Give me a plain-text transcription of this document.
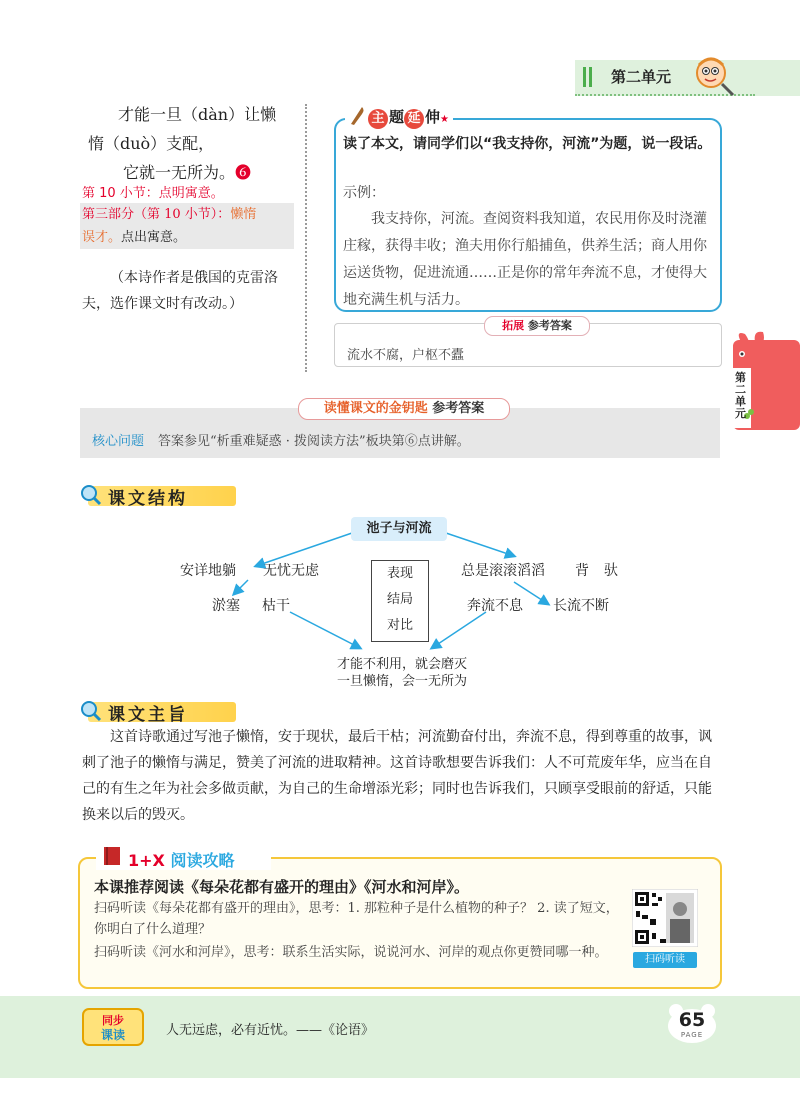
第二单元
才能一旦（dàn）让懒
惰（duò）支配，
它就一无所为。❻
第 10 小节：点明寓意。
第三部分（第 10 小节）：懒惰
误才。点出寓意。
（本诗作者是俄国的克雷洛夫，选作课文时有改动。）
主 题 延 伸★
读了本文，请同学们以“我支持你，河流”为题，说一段话。
示例：
我支持你，河流。查阅资料我知道，农民用你及时浇灌庄稼，获得丰收；渔夫用你行船捕鱼，供养生活；商人用你运送货物，促进流通……正是你的常年奔流不息，才使得大地充满生机与活力。
拓展 参考答案
流水不腐，户枢不蠹
第二单元
读懂课文的金钥匙 参考答案
核心问题 答案参见“析重难疑惑 · 拨阅读方法”板块第⑥点讲解。
课文结构
池子与河流
安详地躺 无忧无虑
淤塞 枯干
总是滚滚滔滔 背 驮
奔流不息 长流不断
表现
结局
对比
才能不利用，就会磨灭
一旦懒惰，会一无所为
课文主旨
这首诗歌通过写池子懒惰，安于现状，最后干枯；河流勤奋付出，奔流不息，得到尊重的故事，讽刺了池子的懒惰与满足，赞美了河流的进取精神。这首诗歌想要告诉我们：人不可荒废年华，应当在自己的有生之年为社会多做贡献，为自己的生命增添光彩；同时也告诉我们，只顾享受眼前的舒适，只能换来以后的毁灭。
1+X 阅读攻略
本课推荐阅读《每朵花都有盛开的理由》《河水和河岸》。
扫码听读《每朵花都有盛开的理由》，思考：1. 那粒种子是什么植物的种子？ 2. 读了短文，你明白了什么道理？
扫码听读《河水和河岸》，思考：联系生活实际，说说河水、河岸的观点你更赞同哪一种。	扫码听读
同步
课读	人无远虑，必有近忧。——《论语》	65
PAGE
